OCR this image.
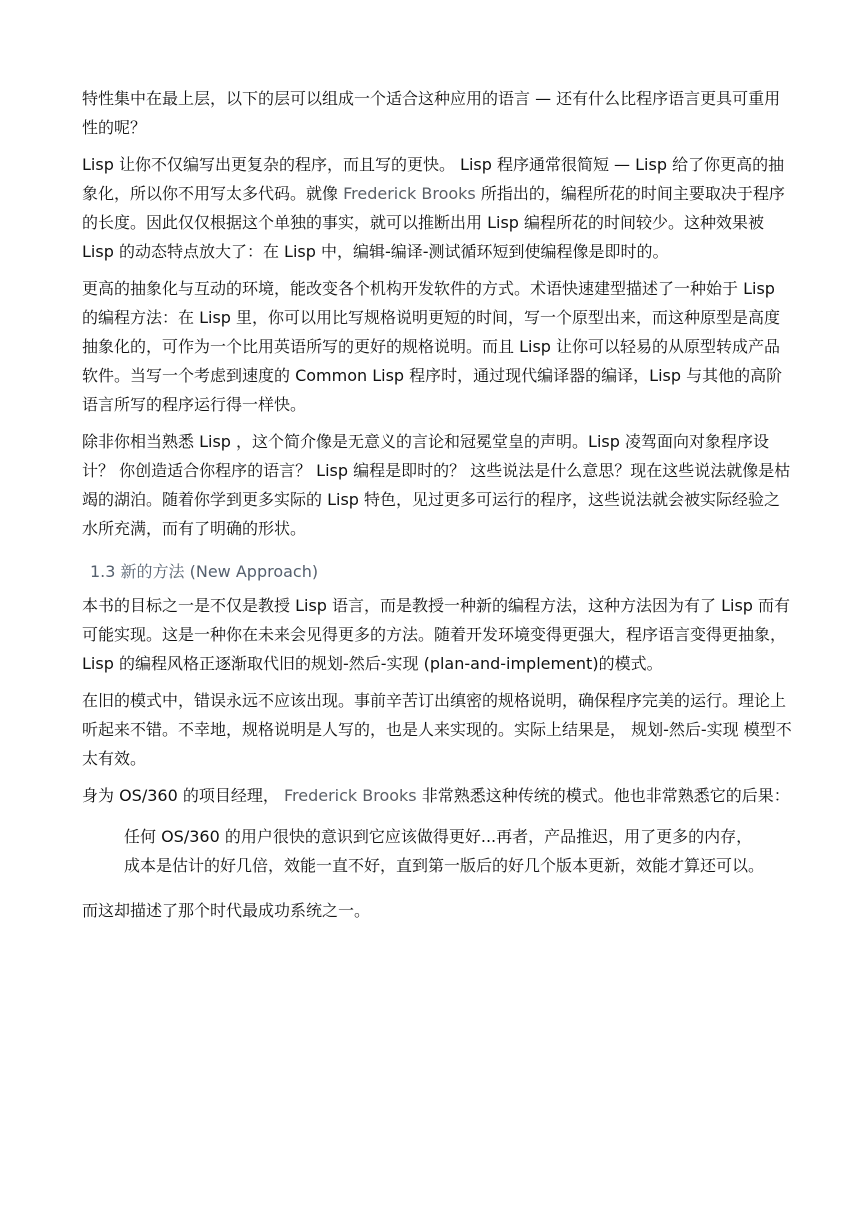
特性集中在最上层，以下的层可以组成一个适合这种应用的语言 — 还有什么比程序语言更具可重用性的呢？

Lisp 让你不仅编写出更复杂的程序，而且写的更快。 Lisp 程序通常很简短 — Lisp 给了你更高的抽象化，所以你不用写太多代码。就像 Frederick Brooks 所指出的，编程所花的时间主要取决于程序的长度。因此仅仅根据这个单独的事实，就可以推断出用 Lisp 编程所花的时间较少。这种效果被 Lisp 的动态特点放大了：在 Lisp 中，编辑-编译-测试循环短到使编程像是即时的。

更高的抽象化与互动的环境，能改变各个机构开发软件的方式。术语快速建型描述了一种始于 Lisp 的编程方法：在 Lisp 里，你可以用比写规格说明更短的时间，写一个原型出来，而这种原型是高度抽象化的，可作为一个比用英语所写的更好的规格说明。而且 Lisp 让你可以轻易的从原型转成产品软件。当写一个考虑到速度的 Common Lisp 程序时，通过现代编译器的编译，Lisp 与其他的高阶语言所写的程序运行得一样快。

除非你相当熟悉 Lisp ，这个简介像是无意义的言论和冠冕堂皇的声明。Lisp 凌驾面向对象程序设计？ 你创造适合你程序的语言？ Lisp 编程是即时的？ 这些说法是什么意思？现在这些说法就像是枯竭的湖泊。随着你学到更多实际的 Lisp 特色，见过更多可运行的程序，这些说法就会被实际经验之水所充满，而有了明确的形状。

1.3 新的方法 (New Approach)

本书的目标之一是不仅是教授 Lisp 语言，而是教授一种新的编程方法，这种方法因为有了 Lisp 而有可能实现。这是一种你在未来会见得更多的方法。随着开发环境变得更强大，程序语言变得更抽象， Lisp 的编程风格正逐渐取代旧的规划-然后-实现 (plan-and-implement)的模式。

在旧的模式中，错误永远不应该出现。事前辛苦订出缜密的规格说明，确保程序完美的运行。理论上听起来不错。不幸地，规格说明是人写的，也是人来实现的。实际上结果是， 规划-然后-实现 模型不太有效。

身为 OS/360 的项目经理， Frederick Brooks 非常熟悉这种传统的模式。他也非常熟悉它的后果：

任何 OS/360 的用户很快的意识到它应该做得更好...再者，产品推迟，用了更多的内存，成本是估计的好几倍，效能一直不好，直到第一版后的好几个版本更新，效能才算还可以。

而这却描述了那个时代最成功系统之一。
